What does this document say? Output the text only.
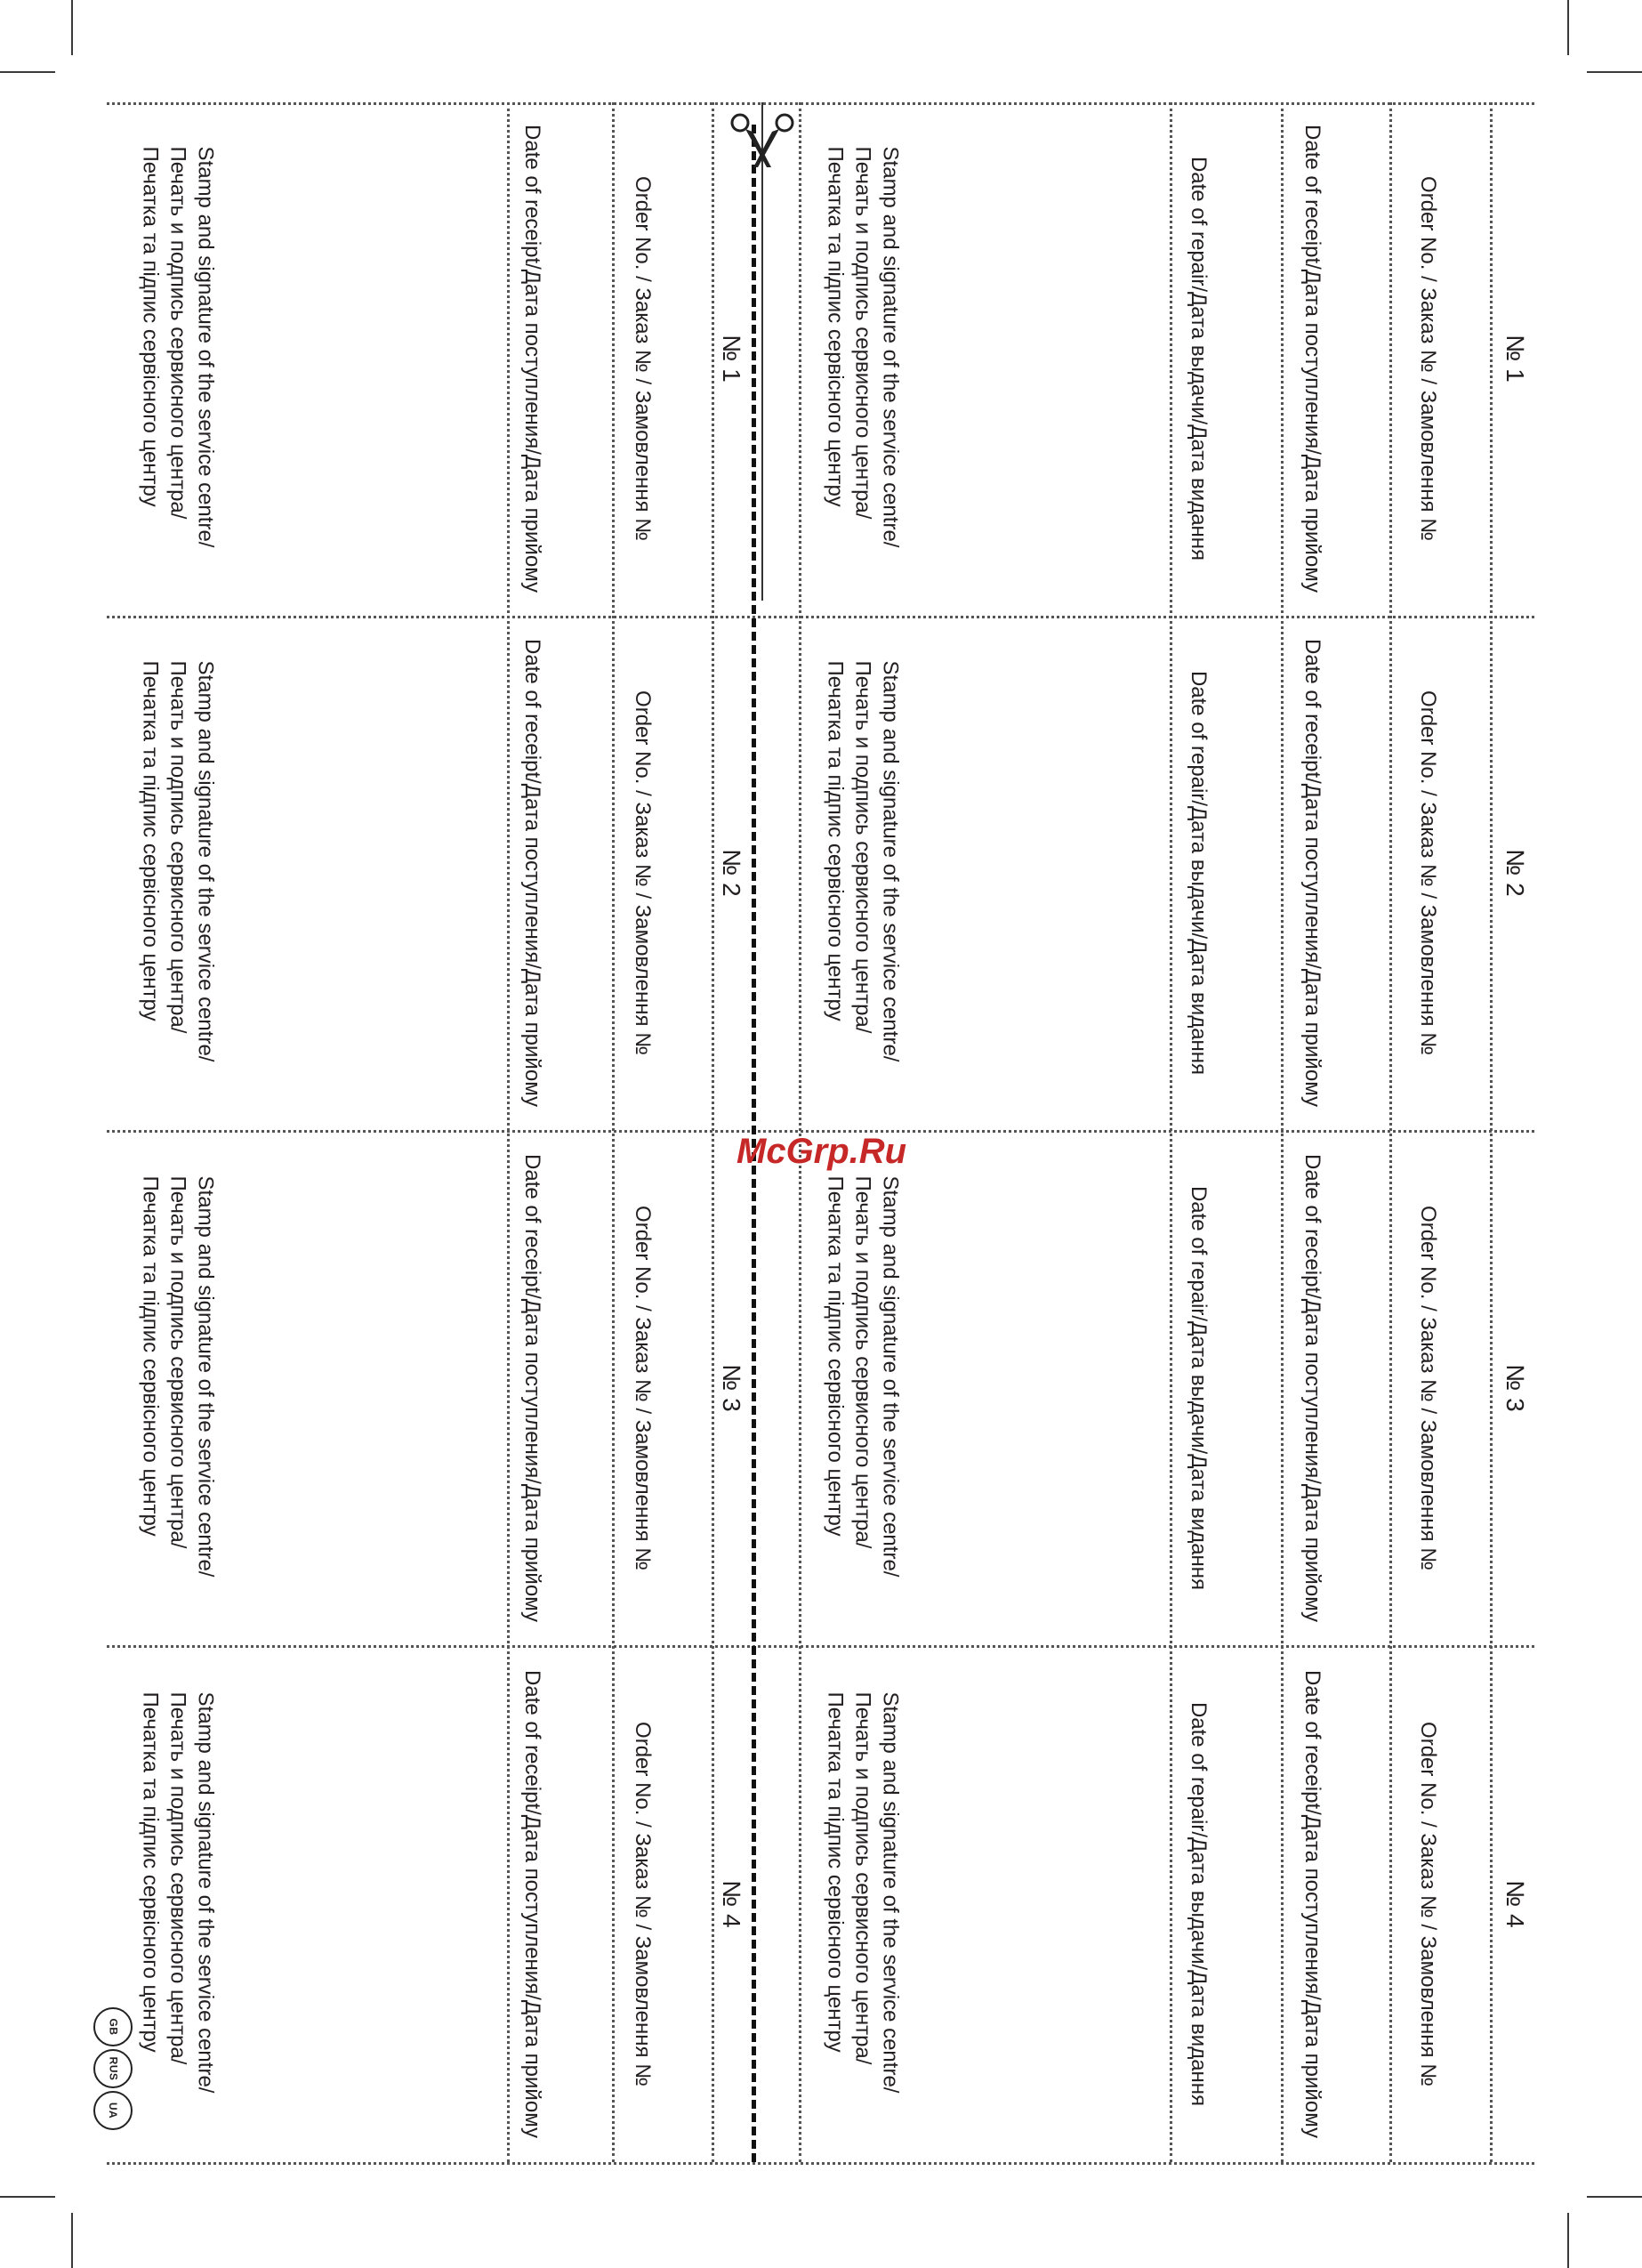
McGrp.Ru
GB
RUS
UA
№ 1
Order No. / Заказ № / Замовлення №
Date of receipt/Дата поступления/Дата прийому
Date of repair/Дата выдачи/Дата видання
Stamp and signature of the service centre/
Печать и подпись сервисного центра/
Печатка та підпис сервісного центру
№ 1
Order No. / Заказ № / Замовлення №
Date of receipt/Дата поступления/Дата прийому
Stamp and signature of the service centre/
Печать и подпись сервисного центра/
Печатка та підпис сервісного центру
№ 2
Order No. / Заказ № / Замовлення №
Date of receipt/Дата поступления/Дата прийому
Date of repair/Дата выдачи/Дата видання
Stamp and signature of the service centre/
Печать и подпись сервисного центра/
Печатка та підпис сервісного центру
№ 2
Order No. / Заказ № / Замовлення №
Date of receipt/Дата поступления/Дата прийому
Stamp and signature of the service centre/
Печать и подпись сервисного центра/
Печатка та підпис сервісного центру
№ 3
Order No. / Заказ № / Замовлення №
Date of receipt/Дата поступления/Дата прийому
Date of repair/Дата выдачи/Дата видання
Stamp and signature of the service centre/
Печать и подпись сервисного центра/
Печатка та підпис сервісного центру
№ 3
Order No. / Заказ № / Замовлення №
Date of receipt/Дата поступления/Дата прийому
Stamp and signature of the service centre/
Печать и подпись сервисного центра/
Печатка та підпис сервісного центру
№ 4
Order No. / Заказ № / Замовлення №
Date of receipt/Дата поступления/Дата прийому
Date of repair/Дата выдачи/Дата видання
Stamp and signature of the service centre/
Печать и подпись сервисного центра/
Печатка та підпис сервісного центру
№ 4
Order No. / Заказ № / Замовлення №
Date of receipt/Дата поступления/Дата прийому
Stamp and signature of the service centre/
Печать и подпись сервисного центра/
Печатка та підпис сервісного центру
